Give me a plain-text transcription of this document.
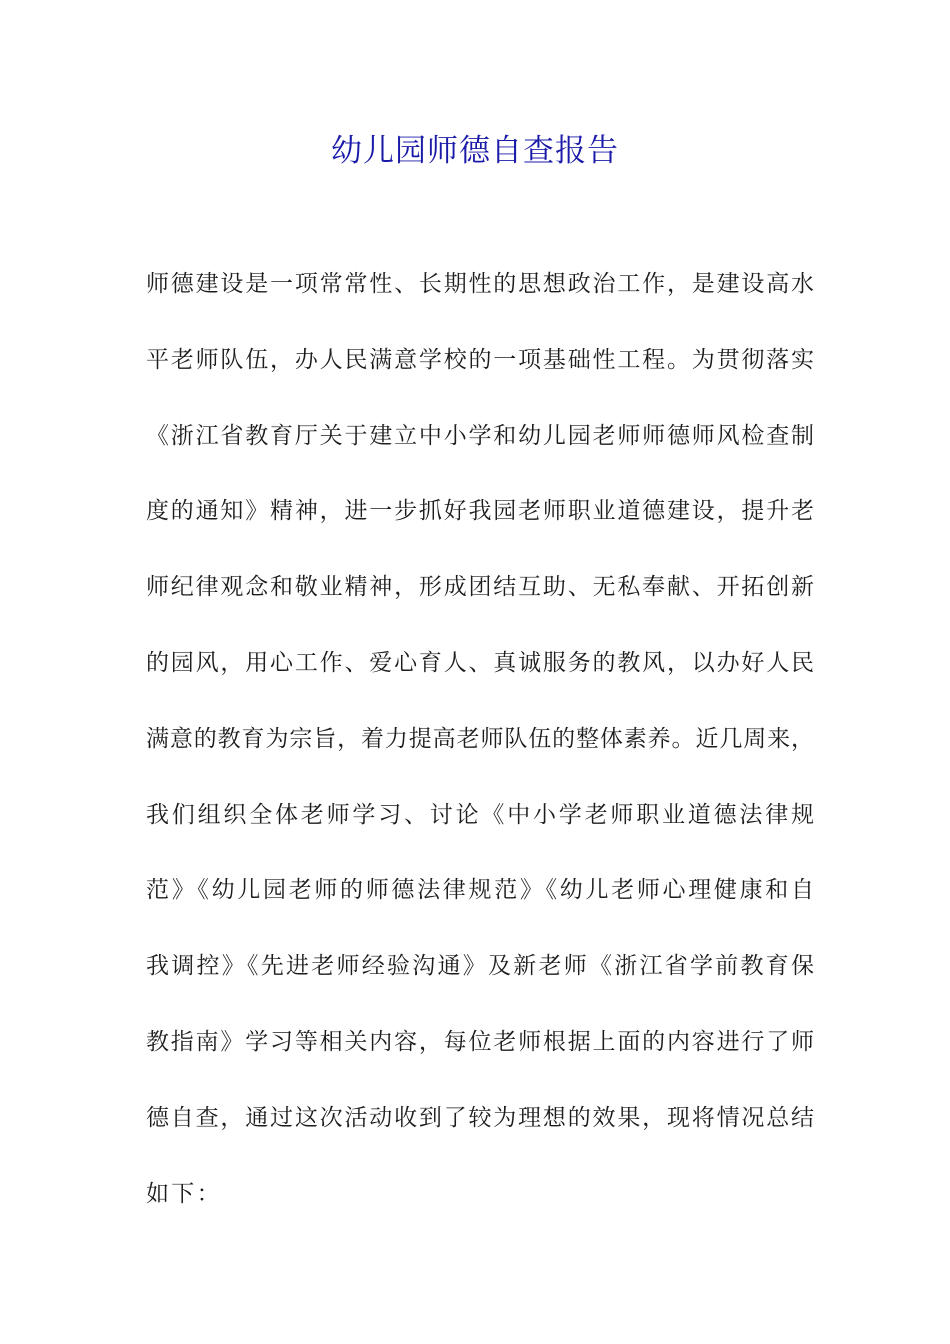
幼儿园师德自查报告
师德建设是一项常常性、长期性的思想政治工作，是建设高水
平老师队伍，办人民满意学校的一项基础性工程。为贯彻落实
《浙江省教育厅关于建立中小学和幼儿园老师师德师风检查制
度的通知》精神，进一步抓好我园老师职业道德建设，提升老
师纪律观念和敬业精神，形成团结互助、无私奉献、开拓创新
的园风，用心工作、爱心育人、真诚服务的教风，以办好人民
满意的教育为宗旨，着力提高老师队伍的整体素养。近几周来，
我们组织全体老师学习、讨论《中小学老师职业道德法律规
范》《幼儿园老师的师德法律规范》《幼儿老师心理健康和自
我调控》《先进老师经验沟通》及新老师《浙江省学前教育保
教指南》学习等相关内容，每位老师根据上面的内容进行了师
德自查，通过这次活动收到了较为理想的效果，现将情况总结
如下：
